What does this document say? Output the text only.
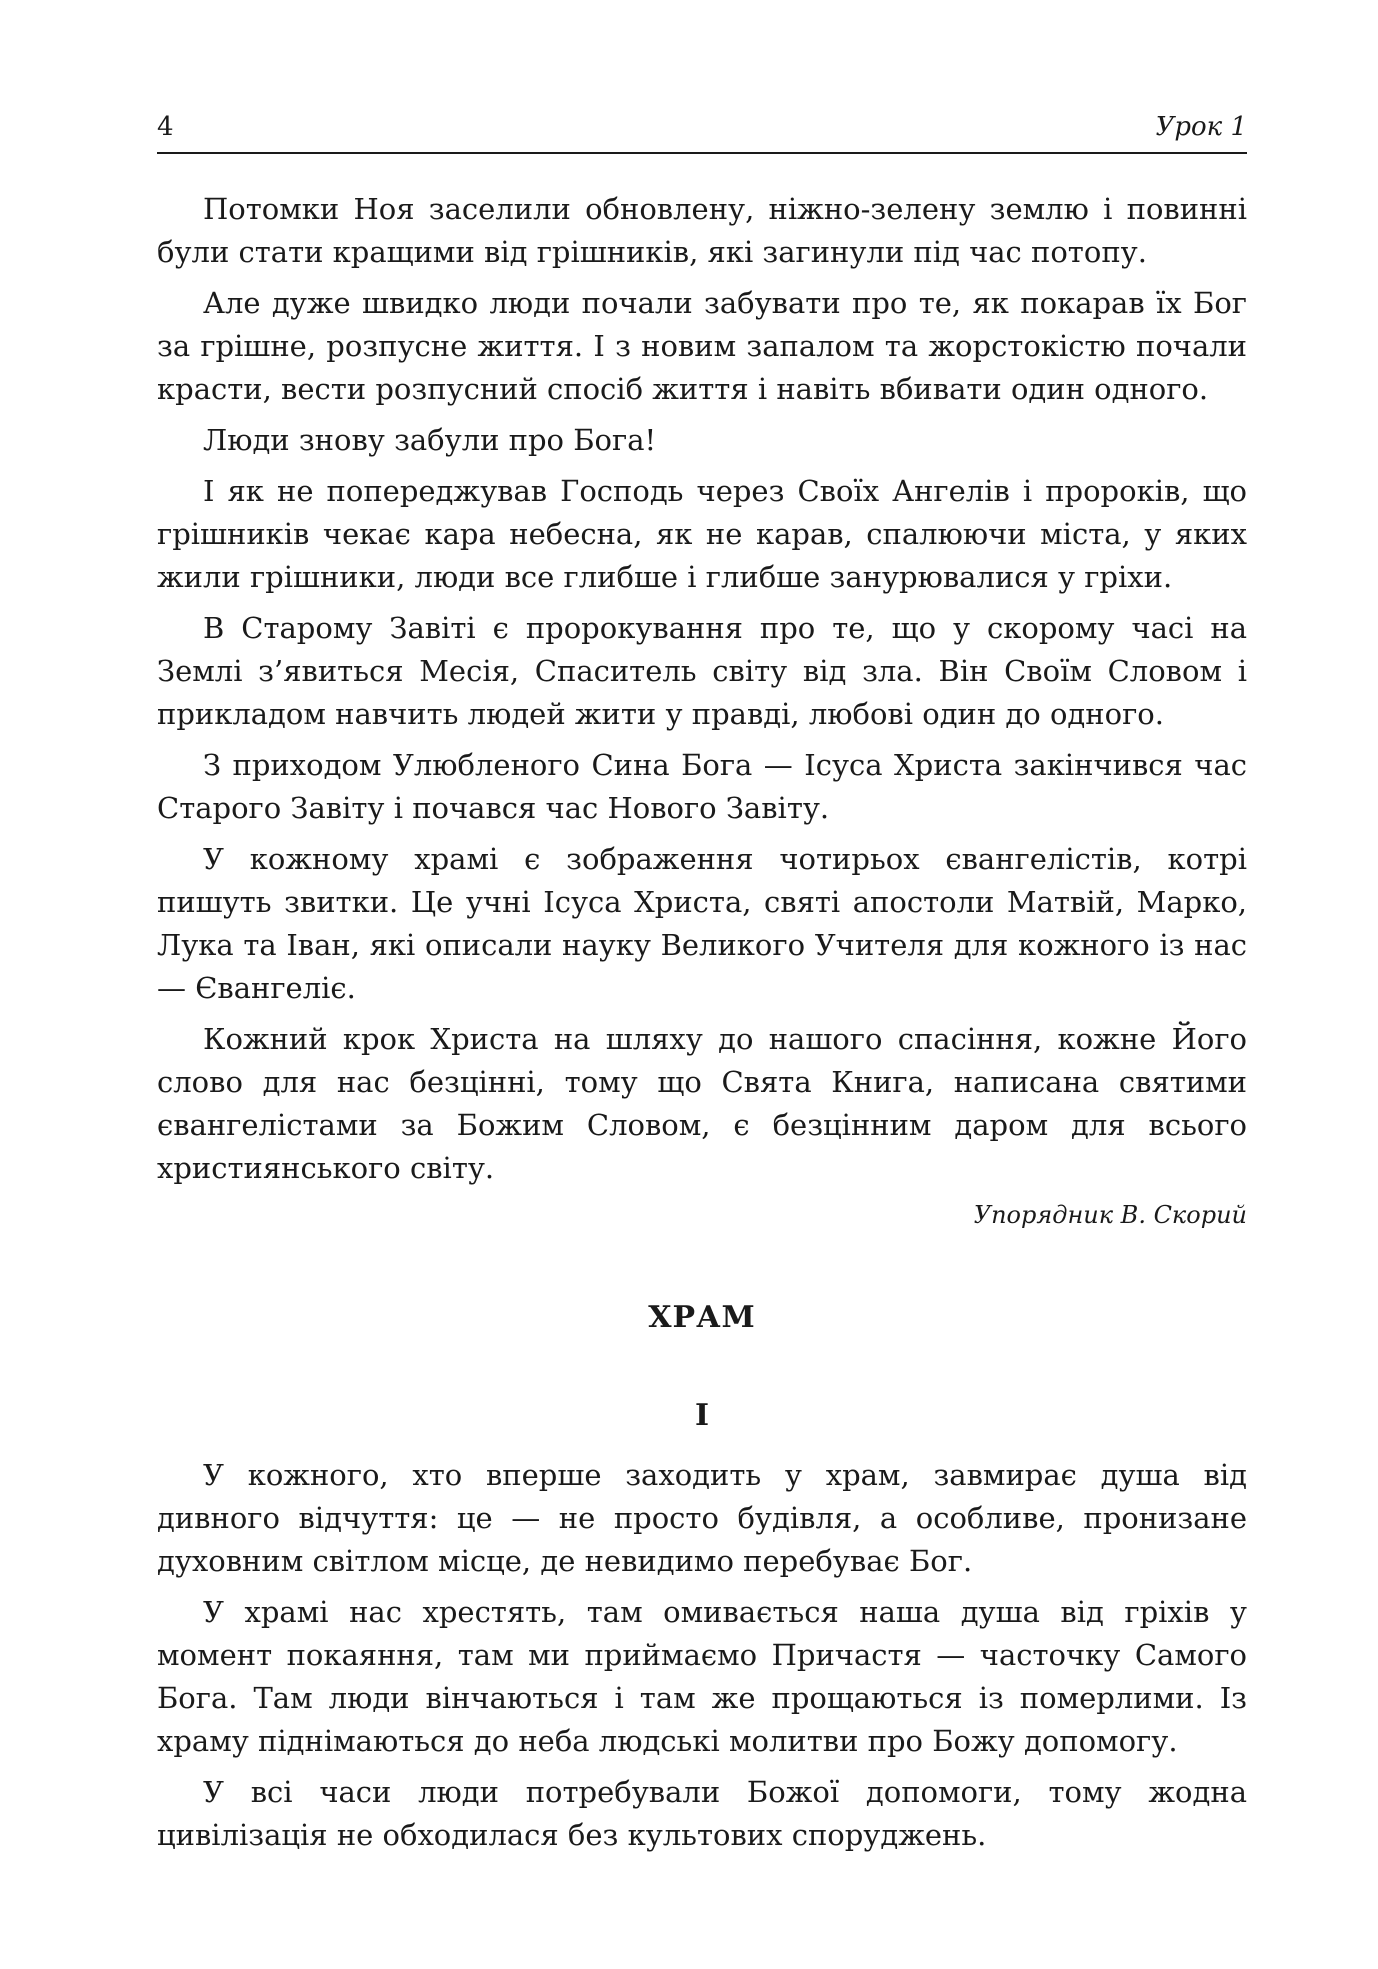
4	Урок 1

Потомки Ноя заселили обновлену, ніжно-зелену землю і повинні були стати кращими від грішників, які загинули під час потопу.

Але дуже швидко люди почали забувати про те, як покарав їх Бог за грішне, розпусне життя. І з новим запалом та жорстокістю почали красти, вести розпусний спосіб життя і навіть вбивати один одного.

Люди знову забули про Бога!

І як не попереджував Господь через Своїх Ангелів і пророків, що грішників чекає кара небесна, як не карав, спалюючи міста, у яких жили грішники, люди все глибше і глибше занурювалися у гріхи.

В Старому Завіті є пророкування про те, що у скорому часі на Землі з’явиться Месія, Спаситель світу від зла. Він Своїм Словом і прикладом навчить людей жити у правді, любові один до одного.

З приходом Улюбленого Сина Бога — Ісуса Христа закінчився час Старого Завіту і почався час Нового Завіту.

У кожному храмі є зображення чотирьох євангелістів, котрі пишуть звитки. Це учні Ісуса Христа, святі апостоли Матвій, Марко, Лука та Іван, які описали науку Великого Учителя для кожного із нас — Євангеліє.

Кожний крок Христа на шляху до нашого спасіння, кожне Його слово для нас безцінні, тому що Свята Книга, написана святими євангелістами за Божим Словом, є безцінним даром для всього християнського світу.

Упорядник В. Скорий
ХРАМ
I

У кожного, хто вперше заходить у храм, завмирає душа від дивного відчуття: це — не просто будівля, а особливе, пронизане духовним світлом місце, де невидимо перебуває Бог.

У храмі нас хрестять, там омивається наша душа від гріхів у момент покаяння, там ми приймаємо Причастя — часточку Самого Бога. Там люди вінчаються і там же прощаються із померлими. Із храму піднімаються до неба людські молитви про Божу допомогу.

У всі часи люди потребували Божої допомоги, тому жодна цивілізація не обходилася без культових споруджень.
